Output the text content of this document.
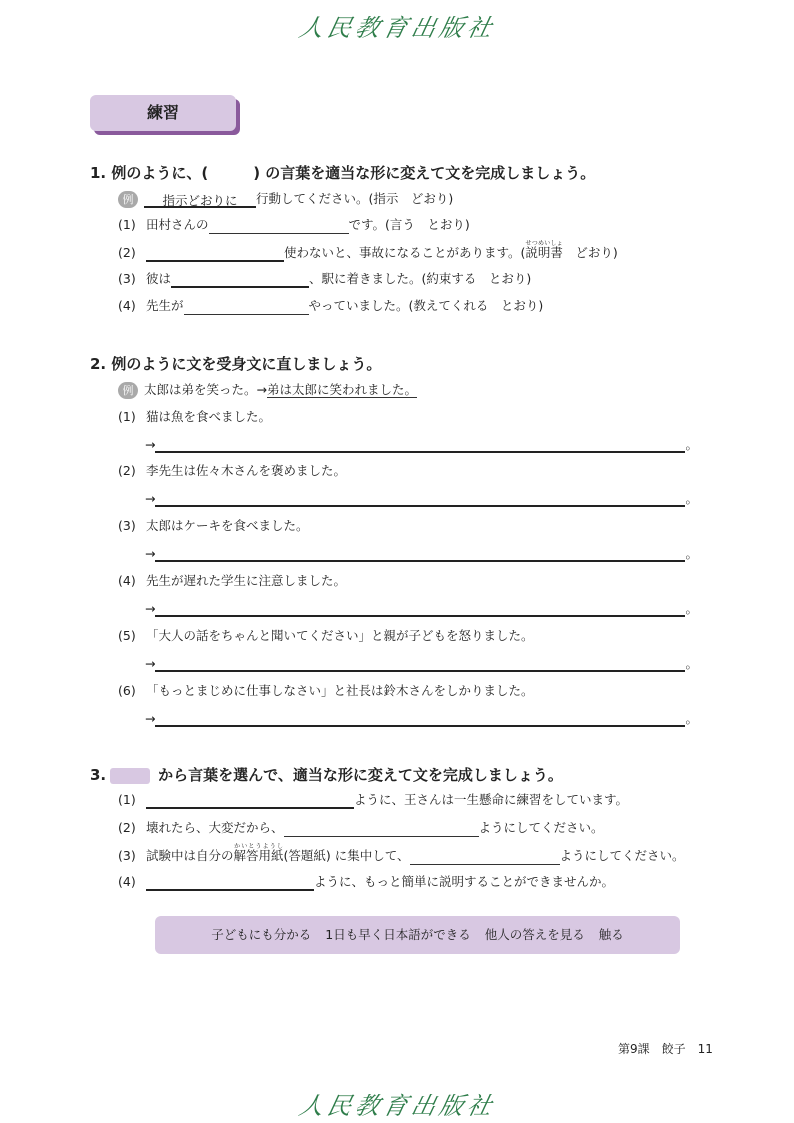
人民教育出版社
練習
1. 例のように、(　　　) の言葉を適当な形に変えて文を完成しましょう。
例 指示どおりに 行動してください。(指示　どおり)
(1) 田村さんの	です。(言う　とおり)
(2)	使わないと、事故になることがあります。(説明書せつめいしょ　どおり)
(3) 彼は	、駅に着きました。(約束する　とおり)
(4) 先生が	やっていました。(教えてくれる　とおり)
2. 例のように文を受身文に直しましょう。
例 太郎は弟を笑った。→弟は太郎に笑われました。
(1) 猫は魚を食べました。
→	。
(2) 李先生は佐々木さんを褒めました。
→	。
(3) 太郎はケーキを食べました。
→	。
(4) 先生が遅れた学生に注意しました。
→	。
(5) 「大人の話をちゃんと聞いてください」と親が子どもを怒りました。
→	。
(6) 「もっとまじめに仕事しなさい」と社長は鈴木さんをしかりました。
→	。
3.	から言葉を選んで、適当な形に変えて文を完成しましょう。
(1)	ように、王さんは一生懸命に練習をしています。
(2) 壊れたら、大変だから、	ようにしてください。
(3) 試験中は自分の解答用紙かいとうようし(答題紙) に集中して、	ようにしてください。
(4)	ように、もっと簡単に説明することができませんか。
子どもにも分かる 1日も早く日本語ができる 他人の答えを見る 触る
第9課　餃子　 11
人民教育出版社
